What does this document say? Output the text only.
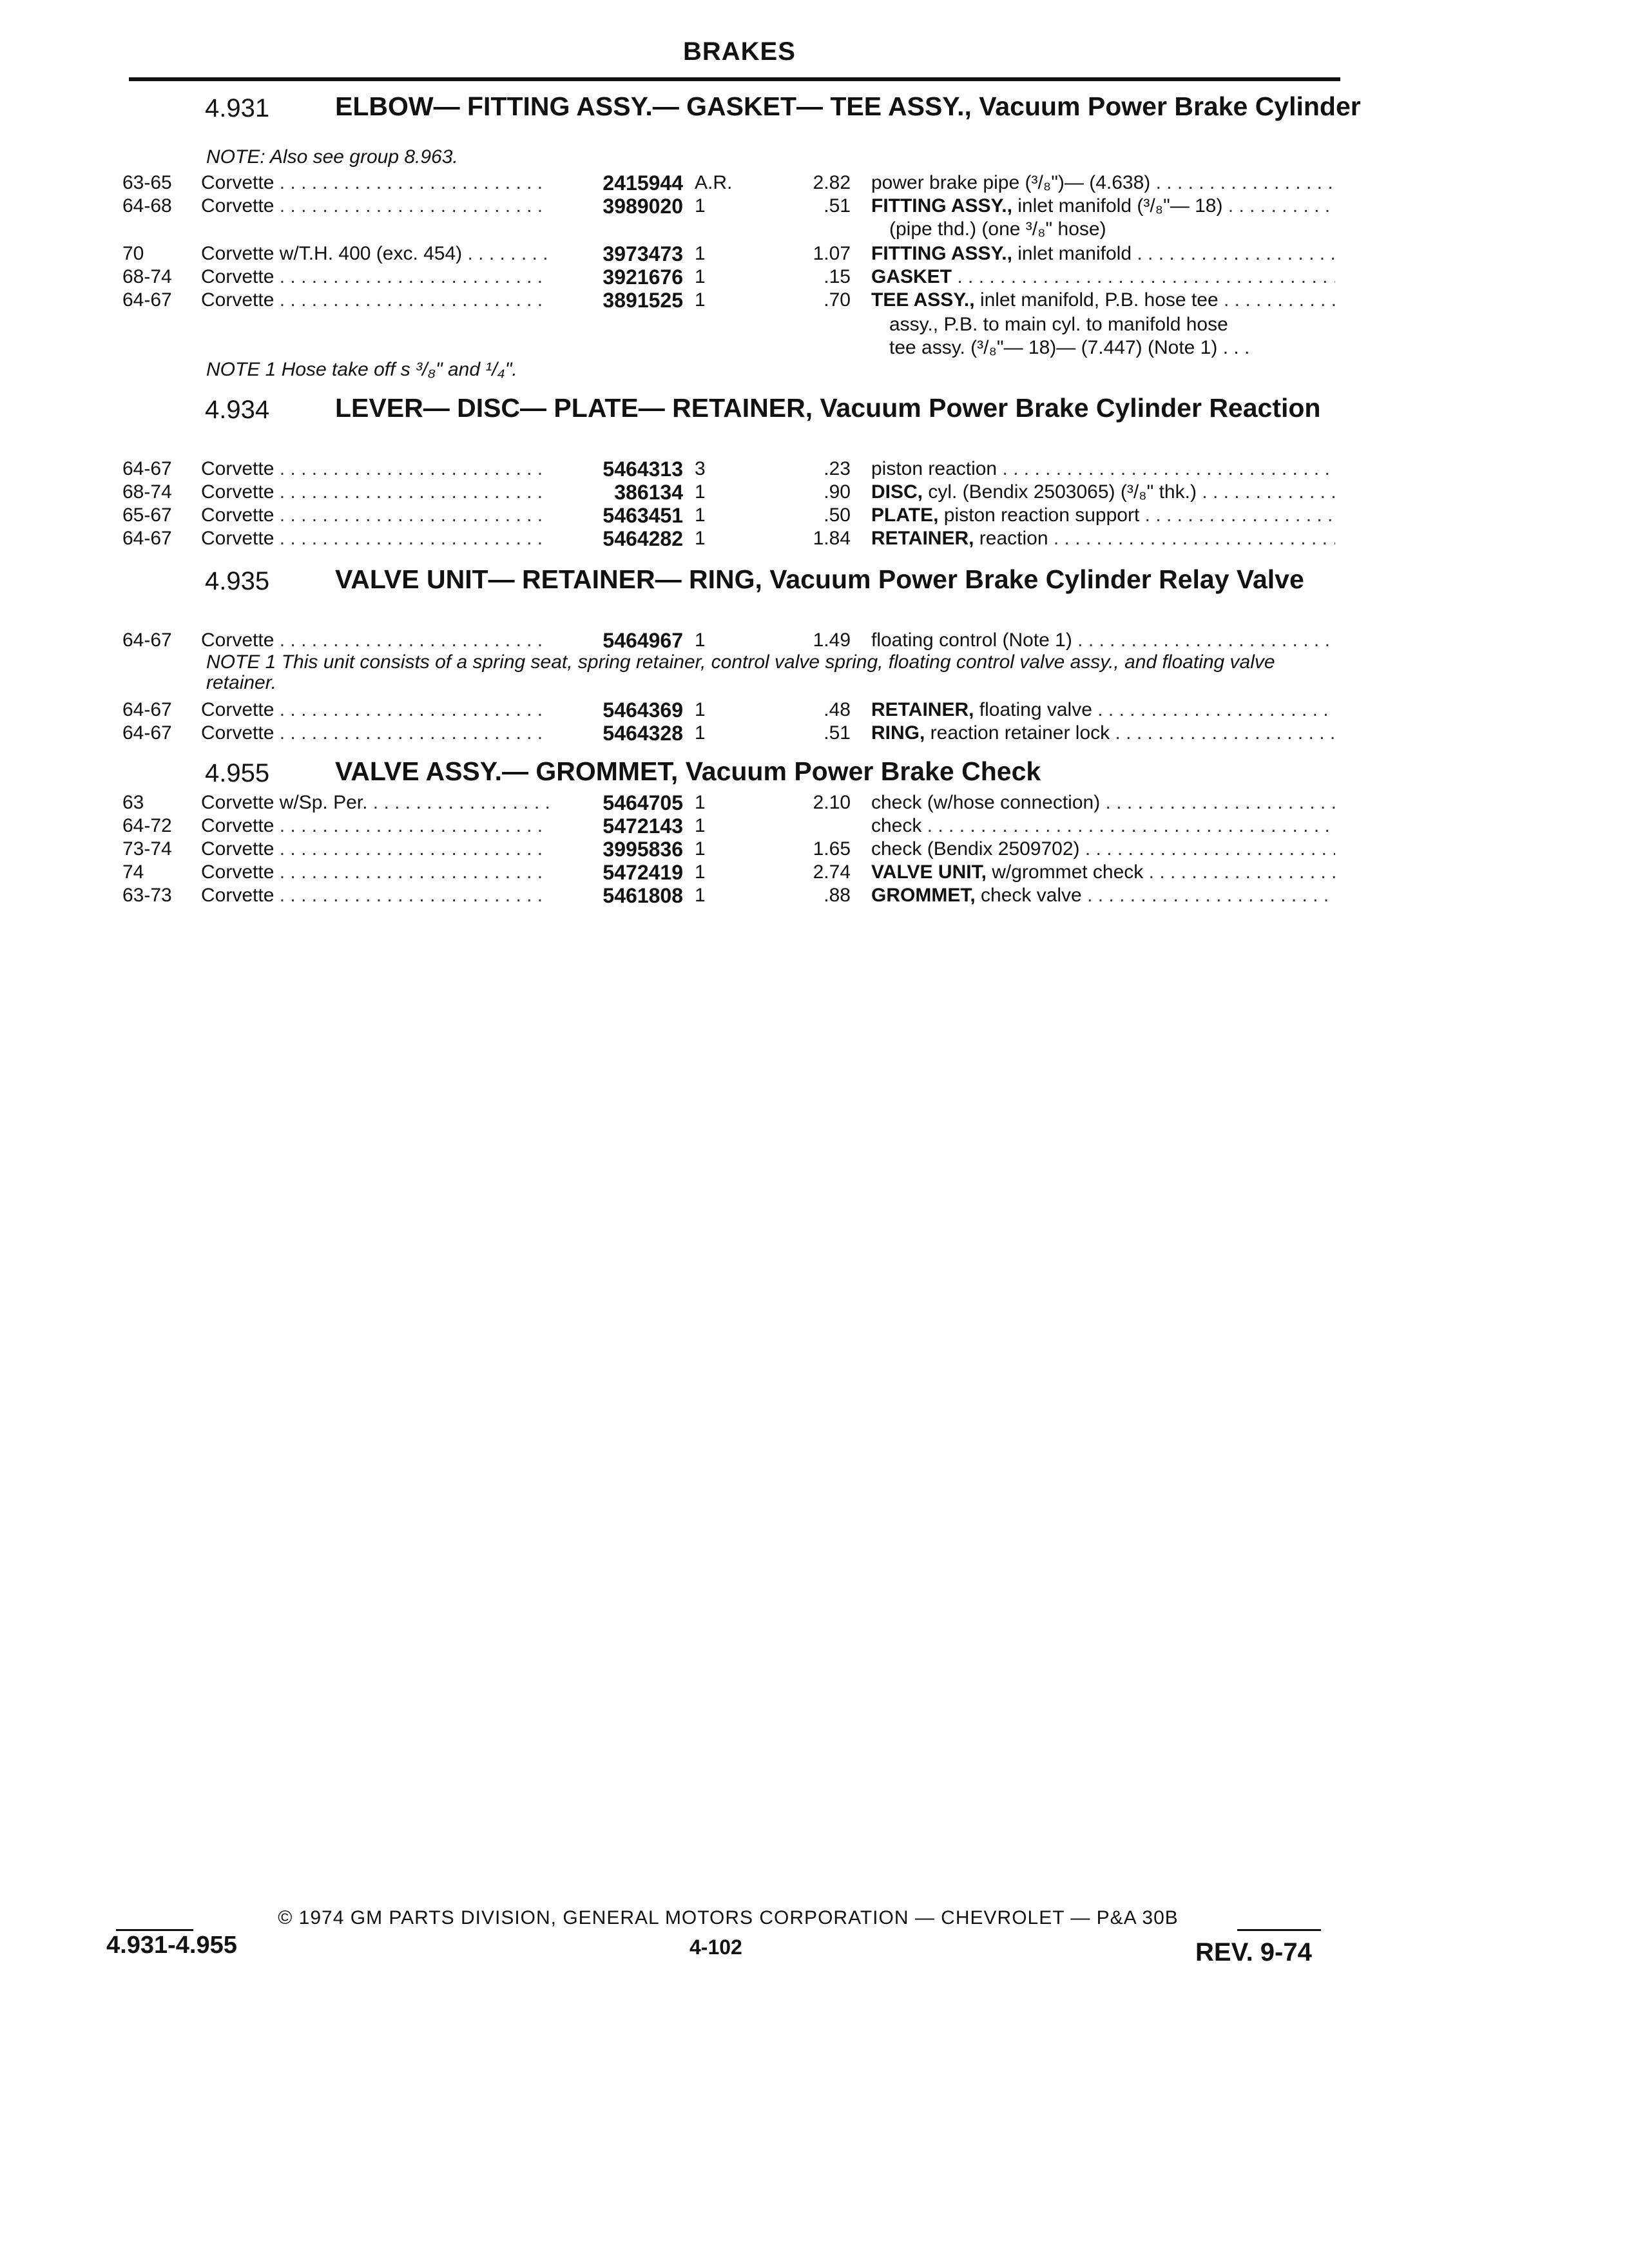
BRAKES
4.931 ELBOW— FITTING ASSY.— GASKET— TEE ASSY., Vacuum Power Brake Cylinder
NOTE: Also see group 8.963.
63-65	Corvette . . .	2415944 A.R.	2.82 power brake pipe (³/₈")— (4.638) . . .
64-68	Corvette . . .	3989020 1	.51 FITTING ASSY., inlet manifold (³/₈"— 18) . . .
(pipe thd.) (one ³/₈" hose)
70	Corvette w/T.H. 400 (exc. 454) . . .	3973473 1	1.07 FITTING ASSY., inlet manifold . . .
68-74	Corvette . . .	3921676 1	.15 GASKET . . .
64-67	Corvette . . .	3891525 1	.70 TEE ASSY., inlet manifold, P.B. hose tee . . .
assy., P.B. to main cyl. to manifold hose
tee assy. (³/₈"— 18)— (7.447) (Note 1) . . .
NOTE 1 Hose take off s ³/₈" and ¹/₄".
4.934 LEVER— DISC— PLATE— RETAINER, Vacuum Power Brake Cylinder Reaction
64-67	Corvette . . .	5464313 3	.23 piston reaction . . .
68-74	Corvette . . .	386134 1	.90 DISC, cyl. (Bendix 2503065) (³/₈" thk.) . . .
65-67	Corvette . . .	5463451 1	.50 PLATE, piston reaction support . . .
64-67	Corvette . . .	5464282 1	1.84 RETAINER, reaction . . .
4.935 VALVE UNIT— RETAINER— RING, Vacuum Power Brake Cylinder Relay Valve
64-67	Corvette . . .	5464967 1	1.49 floating control (Note 1) . . .
NOTE 1 This unit consists of a spring seat, spring retainer, control valve spring, floating control valve assy., and floating valve retainer.
64-67	Corvette . . .	5464369 1	.48 RETAINER, floating valve . . .
64-67	Corvette . . .	5464328 1	.51 RING, reaction retainer lock . . .
4.955 VALVE ASSY.— GROMMET, Vacuum Power Brake Check
63	Corvette w/Sp. Per. . . .	5464705 1	2.10 check (w/hose connection) . . .
64-72	Corvette . . .	5472143 1	check . . .
73-74	Corvette . . .	3995836 1	1.65 check (Bendix 2509702) . . .
74	Corvette . . .	5472419 1	2.74 VALVE UNIT, w/grommet check . . .
63-73	Corvette . . .	5461808 1	.88 GROMMET, check valve . . .
© 1974 GM PARTS DIVISION, GENERAL MOTORS CORPORATION — CHEVROLET — P&A 30B
4.931-4.955	4-102	REV. 9-74
